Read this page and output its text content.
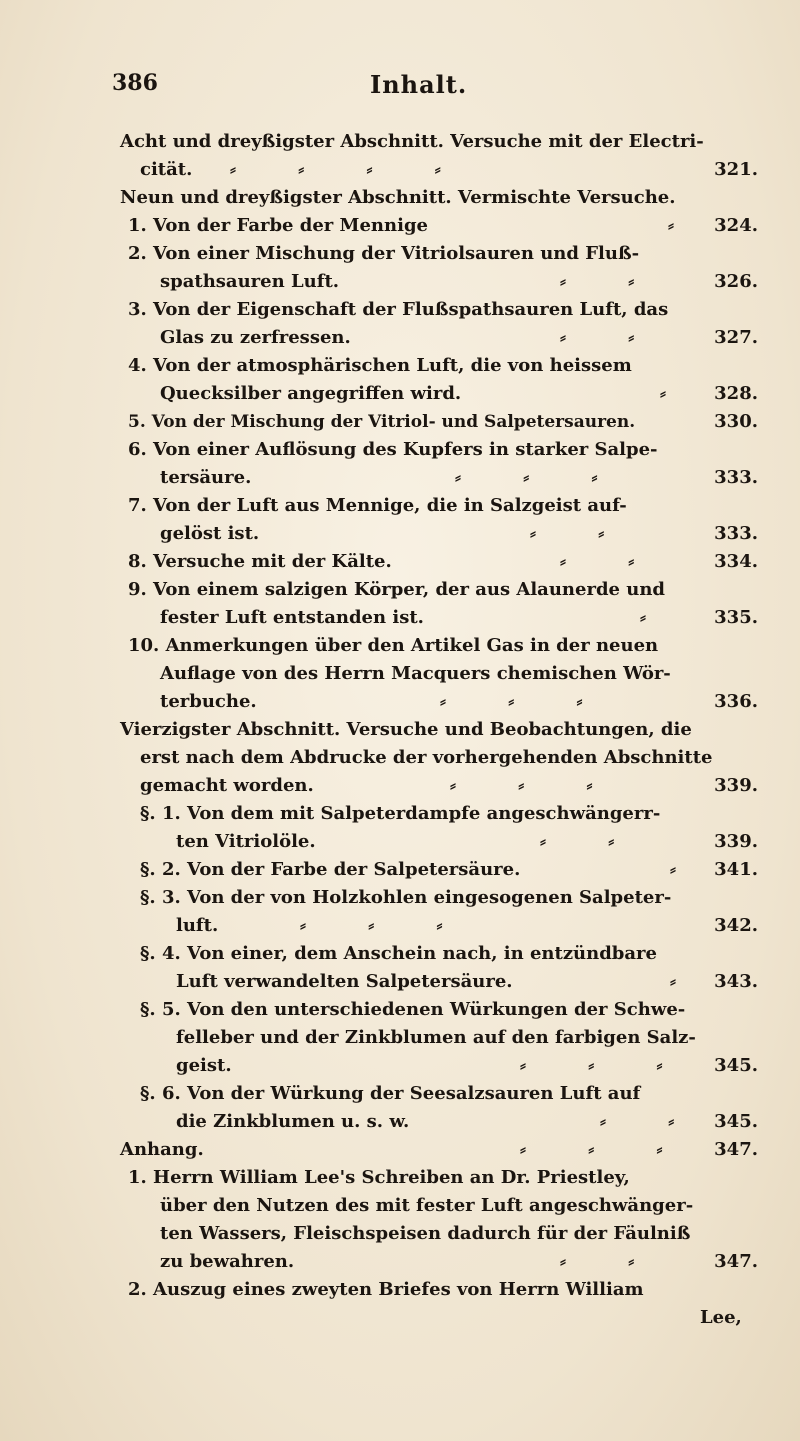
386	Inhalt.
Acht und dreyßigster Abschnitt. Versuche mit der Electri-
cität. ⸗ ⸗ ⸗ ⸗	321.
Neun und dreyßigster Abschnitt. Vermischte Versuche.
1. Von der Farbe der Mennige	⸗ 324.
2. Von einer Mischung der Vitriolsauren und Fluß-
spathsauren Luft.	⸗ ⸗	326.
3. Von der Eigenschaft der Flußspathsauren Luft, das
Glas zu zerfressen.	⸗ ⸗	327.
4. Von der atmosphärischen Luft, die von heissem
Quecksilber angegriffen wird.	⸗ 328.
5. Von der Mischung der Vitriol- und Salpetersauren.	330.
6. Von einer Auflösung des Kupfers in starker Salpe-
tersäure.	⸗ ⸗ ⸗	333.
7. Von der Luft aus Mennige, die in Salzgeist auf-
gelöst ist.	⸗ ⸗	333.
8. Versuche mit der Kälte.	⸗ ⸗	334.
9. Von einem salzigen Körper, der aus Alaunerde und
fester Luft entstanden ist.	⸗ 335.
10. Anmerkungen über den Artikel Gas in der neuen
Auflage von des Herrn Macquers chemischen Wör-
terbuche.	⸗ ⸗ ⸗	336.
Vierzigster Abschnitt. Versuche und Beobachtungen, die
erst nach dem Abdrucke der vorhergehenden Abschnitte
gemacht worden.	⸗ ⸗ ⸗	339.
§. 1. Von dem mit Salpeterdampfe angeschwängerr-
ten Vitriolöle.	⸗ ⸗	339.
§. 2. Von der Farbe der Salpetersäure.	⸗ 341.
§. 3. Von der von Holzkohlen eingesogenen Salpeter-
luft.	⸗ ⸗ ⸗	342.
§. 4. Von einer, dem Anschein nach, in entzündbare
Luft verwandelten Salpetersäure.	⸗ 343.
§. 5. Von den unterschiedenen Würkungen der Schwe-
felleber und der Zinkblumen auf den farbigen Salz-
geist.	⸗ ⸗ ⸗ 345.
§. 6. Von der Würkung der Seesalzsauren Luft auf
die Zinkblumen u. s. w.	⸗ ⸗ 345.
Anhang.	⸗ ⸗ ⸗ 347.
1. Herrn William Lee's Schreiben an Dr. Priestley,
über den Nutzen des mit fester Luft angeschwänger-
ten Wassers, Fleischspeisen dadurch für der Fäulniß
zu bewahren.	⸗ ⸗	347.
2. Auszug eines zweyten Briefes von Herrn William
Lee,
